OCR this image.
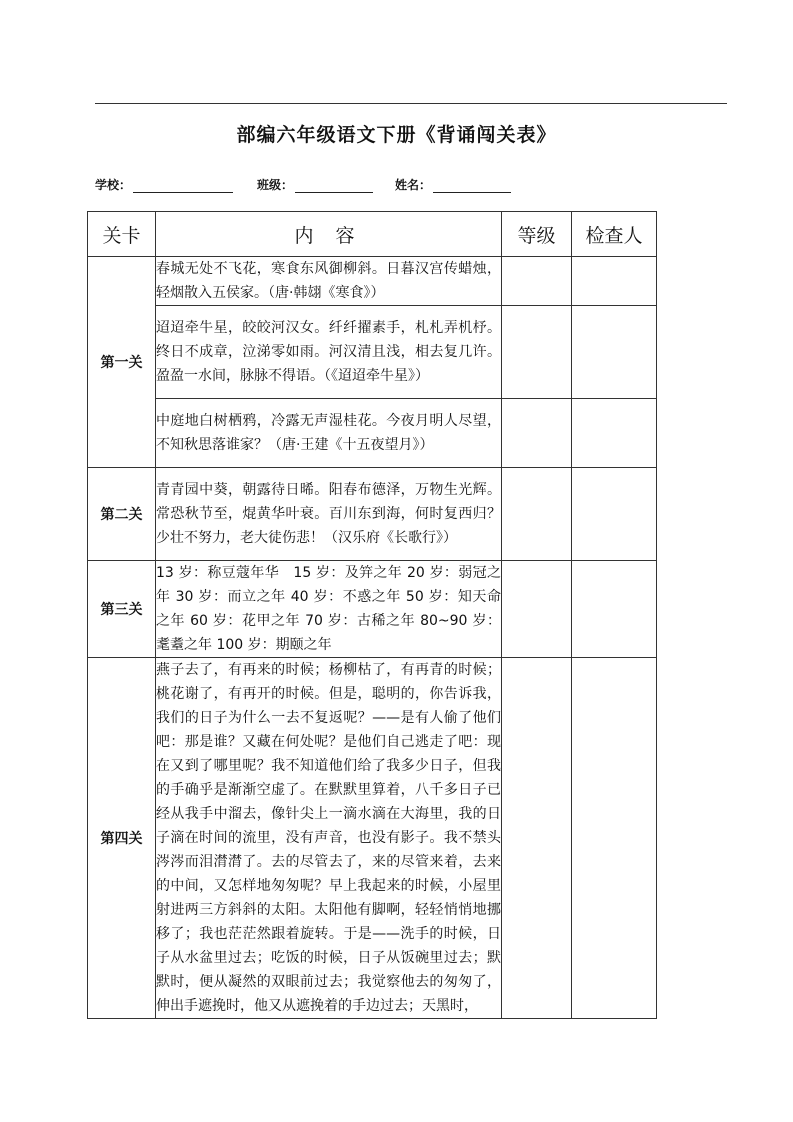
部编六年级语文下册《背诵闯关表》
学校：	班级：	姓名：
关卡	内 容	等级	检查人
第一关	春城无处不飞花，寒食东风御柳斜。日暮汉宫传蜡烛，轻烟散入五侯家。（唐·韩翃《寒食》）		
	迢迢牵牛星，皎皎河汉女。纤纤擢素手，札札弄机杼。终日不成章，泣涕零如雨。河汉清且浅，相去复几许。盈盈一水间，脉脉不得语。（《迢迢牵牛星》）		
	中庭地白树栖鸦，冷露无声湿桂花。今夜月明人尽望，不知秋思落谁家？（唐·王建《十五夜望月》）		
第二关	青青园中葵，朝露待日晞。阳春布德泽，万物生光辉。常恐秋节至，焜黄华叶衰。百川东到海，何时复西归？少壮不努力，老大徒伤悲！（汉乐府《长歌行》）		
第三关	13 岁：称豆蔻年华　15 岁：及笄之年 20 岁：弱冠之年 30 岁：而立之年 40 岁：不惑之年 50 岁：知天命之年 60 岁：花甲之年 70 岁：古稀之年 80~90 岁：耄耋之年 100 岁：期颐之年		
第四关	燕子去了，有再来的时候；杨柳枯了，有再青的时候；桃花谢了，有再开的时候。但是，聪明的，你告诉我，我们的日子为什么一去不复返呢？——是有人偷了他们吧：那是谁？又藏在何处呢？是他们自己逃走了吧：现在又到了哪里呢？我不知道他们给了我多少日子，但我的手确乎是渐渐空虚了。在默默里算着，八千多日子已经从我手中溜去，像针尖上一滴水滴在大海里，我的日子滴在时间的流里，没有声音，也没有影子。我不禁头涔涔而泪潸潸了。去的尽管去了，来的尽管来着，去来的中间，又怎样地匆匆呢？早上我起来的时候，小屋里射进两三方斜斜的太阳。太阳他有脚啊，轻轻悄悄地挪移了；我也茫茫然跟着旋转。于是——洗手的时候，日子从水盆里过去；吃饭的时候，日子从饭碗里过去；默默时，便从凝然的双眼前过去；我觉察他去的匆匆了，伸出手遮挽时，他又从遮挽着的手边过去；天黑时，		
